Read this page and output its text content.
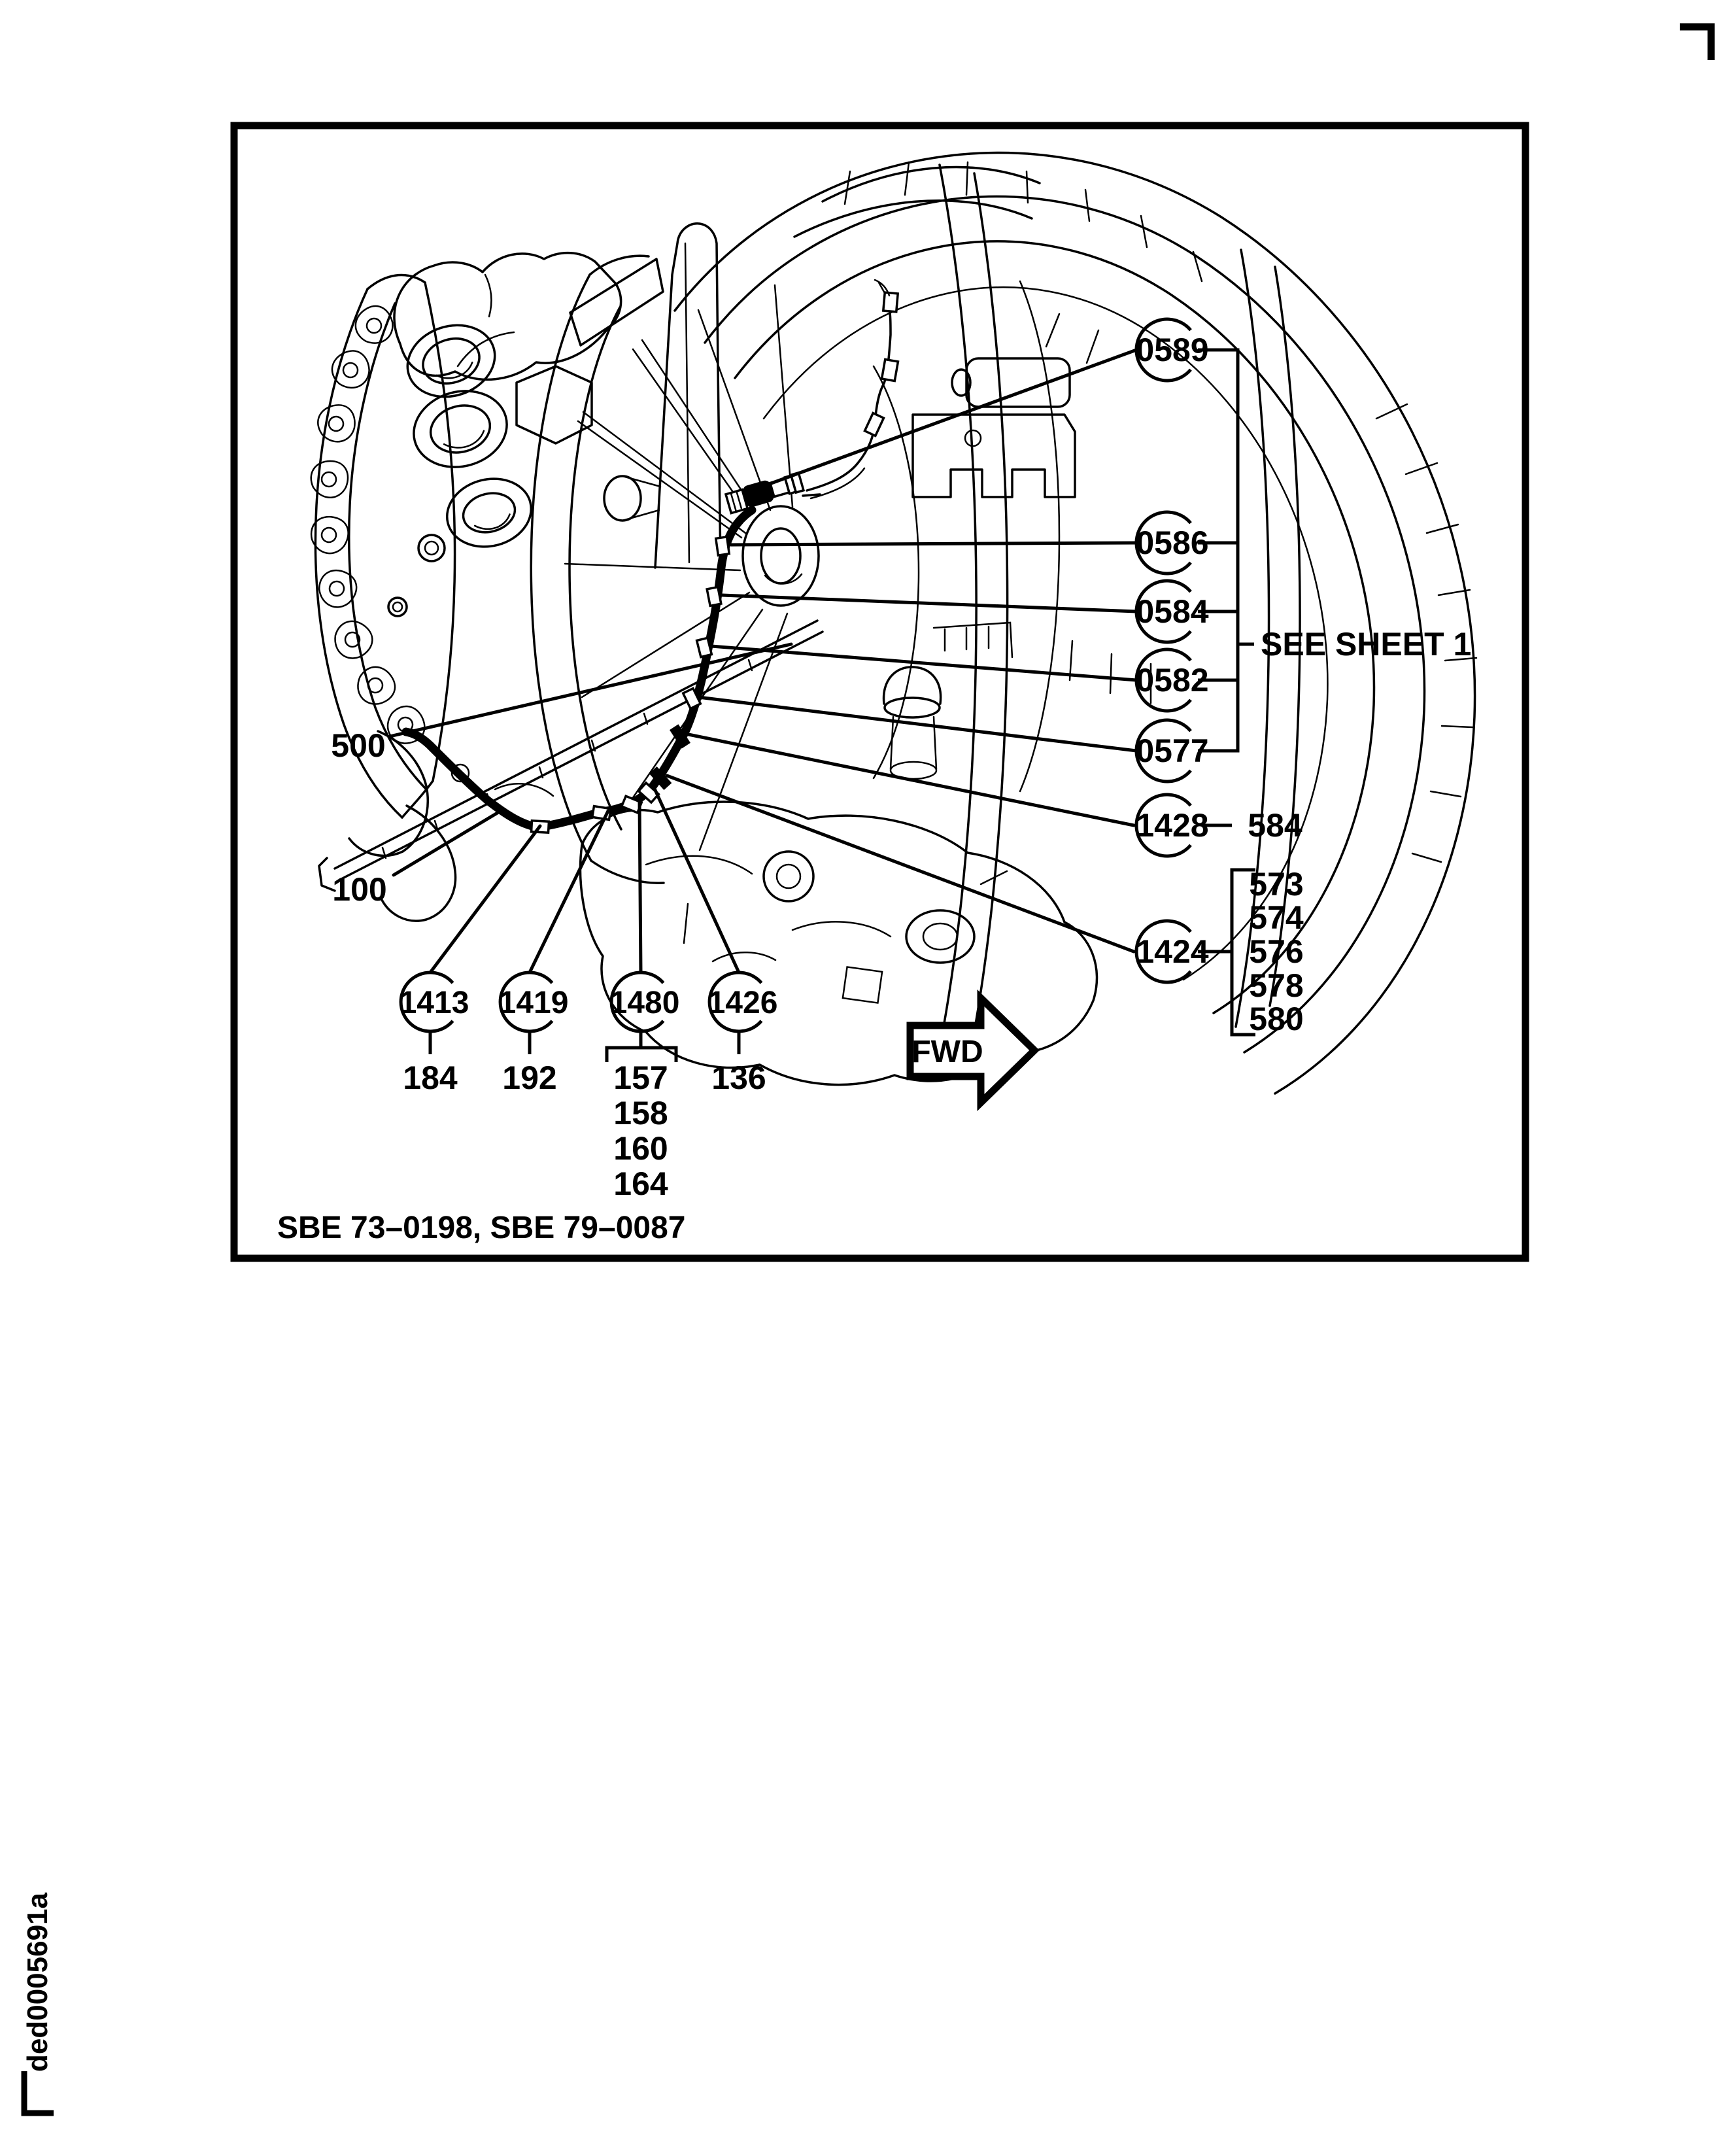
ded0005691a
0589
0586
0584
0582
0577
SEE SHEET 1
1428 584
1424
573
574
576
578
580
1413
184
1419
192
1480
157
158
160
164
1426
136
500
100
FWD
SBE 73–0198, SBE 79–0087
